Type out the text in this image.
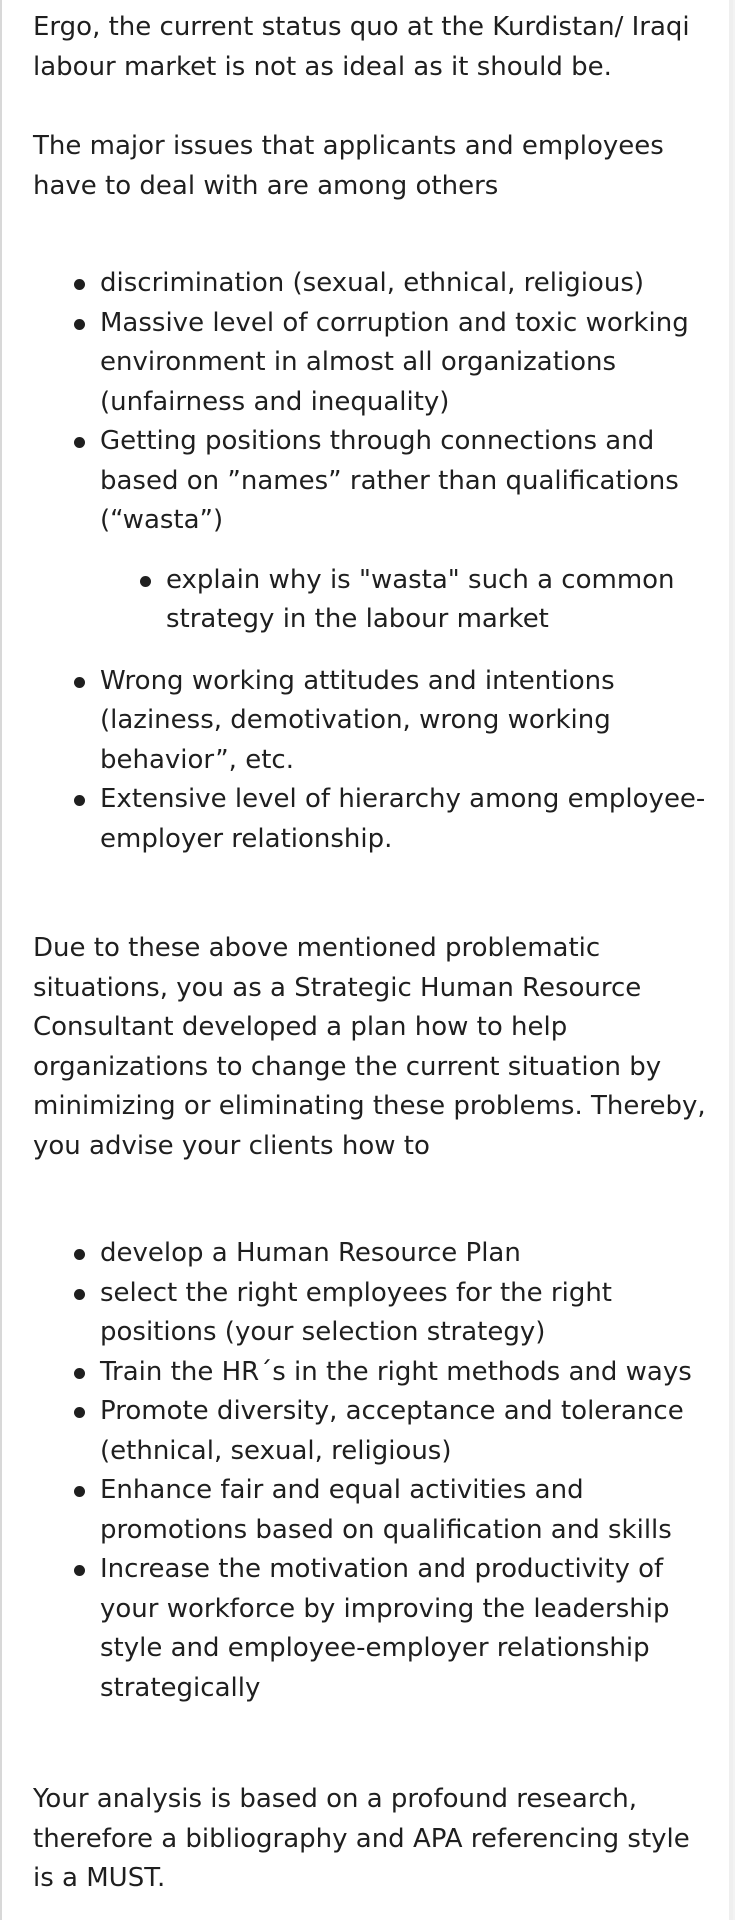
Ergo, the current status quo at the Kurdistan/ Iraqi labour market is not as ideal as it should be.

The major issues that applicants and employees have to deal with are among others

discrimination (sexual, ethnical, religious)
Massive level of corruption and toxic working environment in almost all organizations (unfairness and inequality)
Getting positions through connections and based on ”names” rather than qualifications (“wasta”)
explain why is "wasta" such a common strategy in the labour market
Wrong working attitudes and intentions (laziness, demotivation, wrong working behavior”, etc.
Extensive level of hierarchy among employee-employer relationship.

Due to these above mentioned problematic situations, you as a Strategic Human Resource Consultant developed a plan how to help organizations to change the current situation by minimizing or eliminating these problems. Thereby, you advise your clients how to

develop a Human Resource Plan
select the right employees for the right positions (your selection strategy)
Train the HR´s in the right methods and ways
Promote diversity, acceptance and tolerance (ethnical, sexual, religious)
Enhance fair and equal activities and promotions based on qualification and skills
Increase the motivation and productivity of your workforce by improving the leadership style and employee-employer relationship strategically

Your analysis is based on a profound research, therefore a bibliography and APA referencing style is a MUST.
